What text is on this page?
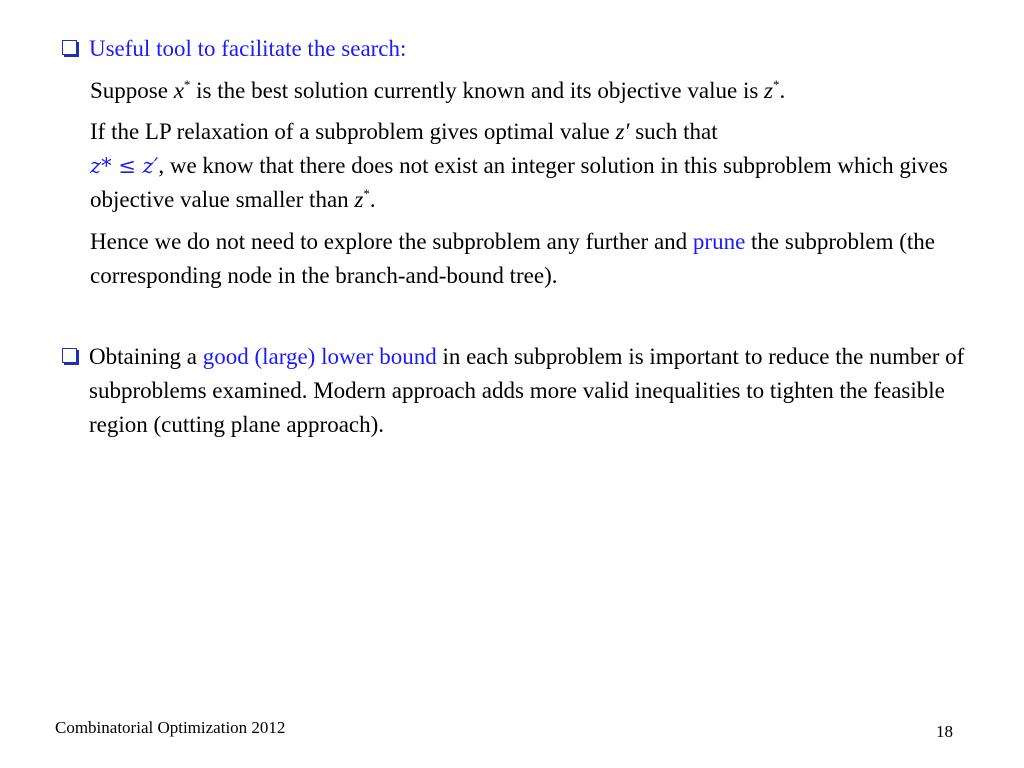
Useful tool to facilitate the search:
Suppose x* is the best solution currently known and its objective value is z*.
If the LP relaxation of a subproblem gives optimal value z′ such that
z* ≤ z′, we know that there does not exist an integer solution in this subproblem which gives objective value smaller than z*.
Hence we do not need to explore the subproblem any further and prune the subproblem (the corresponding node in the branch-and-bound tree).
Obtaining a good (large) lower bound in each subproblem is important to reduce the number of subproblems examined. Modern approach adds more valid inequalities to tighten the feasible region (cutting plane approach).
Combinatorial Optimization 2012	18
